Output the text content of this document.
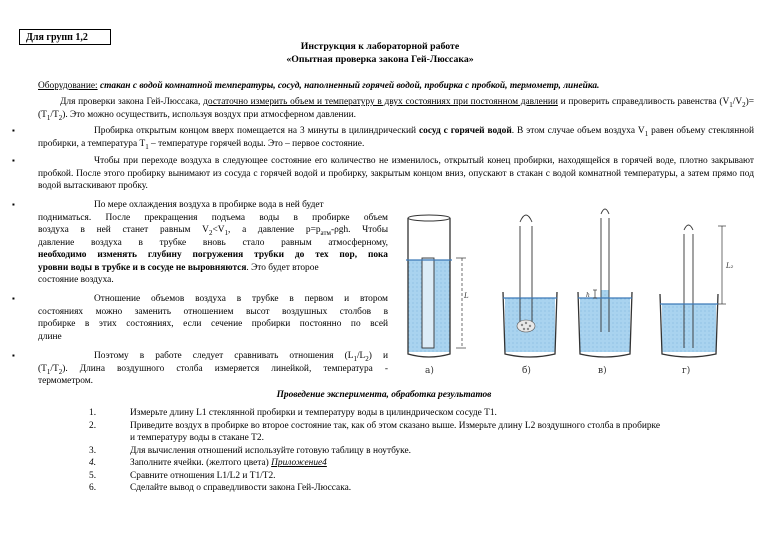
Для групп 1,2
Инструкция к лабораторной работе
«Опытная проверка закона Гей-Люссака»
Оборудование: стакан с водой комнатной температуры, сосуд, наполненный горячей водой, пробирка с пробкой, термометр, линейка.
Для проверки закона Гей-Люссака, достаточно измерить объем и температуру в двух состояниях при постоянном давлении и проверить справедливость равенства $(V_1/V_2)=(T_1/T_2)$. Это можно осуществить, используя воздух при атмосферном давлении.
▪	Пробирка открытым концом вверх помещается на 3 минуты в цилиндрический сосуд с горячей водой. В этом случае объем воздуха $V_1$ равен объему стеклянной пробирки, а температура $T_1$ – температуре горячей воды. Это – первое состояние.
▪	Чтобы при переходе воздуха в следующее состояние его количество не изменилось, открытый конец пробирки, находящейся в горячей воде, плотно закрывают пробкой. После этого пробирку вынимают из сосуда с горячей водой и пробирку, закрытым концом вниз, опускают в стакан с водой комнатной температуры, а затем прямо под водой вытаскивают пробку.
▪	По мере охлаждения воздуха в пробирке вода в ней будет
подниматься. После прекращения подъема воды в пробирке объем
воздуха в ней станет равным $V_2<V_1$, а давление $p=p_{атм}$-ρgh. Чтобы
давление воздуха в трубке вновь стало равным атмосферному,
необходимо изменять глубину погружения трубки до тех пор, пока
уровни воды в трубке и в сосуде не выровняются. Это будет второе
состояние воздуха.
▪	Отношение объемов воздуха в трубке в первом и втором
состояниях можно заменить отношением высот воздушных столбов в
пробирке в этих состояниях, если сечение пробирки постоянно по всей
длине
▪	Поэтому в работе следует сравнивать отношения $(L_1/L_2)$ и
$(T_1/T_2)$. Длина воздушного столба измеряется линейкой, температура -
термометром.
L
а)	б)
h
в)
L₂
г)
Проведение эксперимента, обработка результатов
1.	Измерьте длину L1 стеклянной пробирки и температуру воды в цилиндрическом сосуде T1.
2.	Приведите воздух в пробирке во второе состояние так, как об этом сказано выше. Измерьте длину L2 воздушного столба в пробирке
и температуру воды в стакане T2.
3.	Для вычисления отношений используйте готовую таблицу в ноутбуке.
4.	Заполните ячейки. (желтого цвета) Приложение4
5.	Сравните отношения L1/L2 и T1/T2.
6.	Сделайте вывод о справедливости закона Гей-Люссака.
